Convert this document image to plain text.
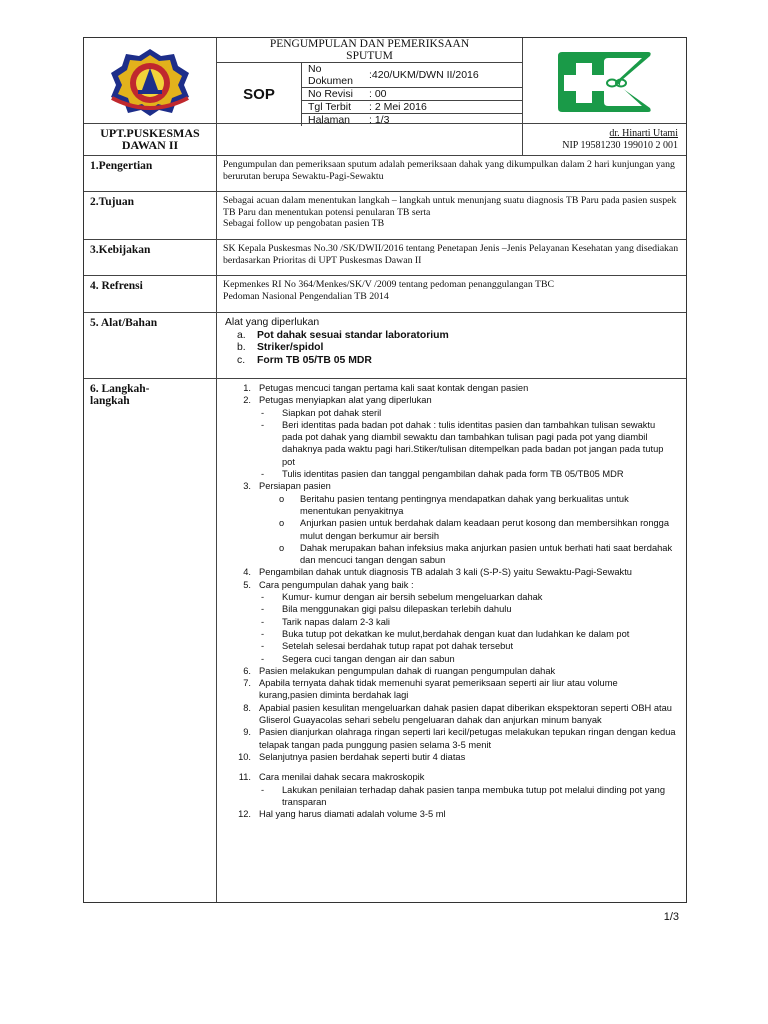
PENGUMPULAN DAN PEMERIKSAAN
SPUTUM
SOP
No Dokumen	:420/UKM/DWN II/2016
No Revisi	: 00
Tgl Terbit	: 2 Mei 2016
Halaman	: 1/3
UPT.PUSKESMAS
DAWAN II
dr. Hinarti Utami
NIP 19581230 199010 2 001
1.Pengertian	Pengumpulan dan pemeriksaan sputum adalah pemeriksaan dahak yang dikumpulkan dalam 2 hari kunjungan yang berurutan berupa Sewaktu-Pagi-Sewaktu
2.Tujuan	Sebagai acuan dalam menentukan langkah – langkah untuk menunjang suatu diagnosis TB Paru pada pasien suspek TB Paru dan menentukan potensi penularan TB serta
Sebagai follow up pengobatan pasien TB
3.Kebijakan	SK Kepala Puskesmas No.30 /SK/DWII/2016 tentang Penetapan Jenis –Jenis Pelayanan Kesehatan yang disediakan berdasarkan Prioritas di UPT Puskesmas Dawan II
4. Refrensi	Kepmenkes RI No 364/Menkes/SK/V /2009 tentang pedoman penanggulangan TBC
Pedoman Nasional Pengendalian TB 2014
5. Alat/Bahan	Alat yang diperlukan
a.	Pot dahak sesuai standar laboratorium
b.	Striker/spidol
c.	Form TB 05/TB 05 MDR
6. Langkah-
langkah
1. Petugas mencuci tangan pertama kali saat kontak dengan pasien
2. Petugas menyiapkan alat yang diperlukan
-	Siapkan pot dahak steril
-	Beri identitas pada badan pot dahak : tulis identitas pasien dan tambahkan tulisan sewaktu pada pot dahak yang diambil sewaktu dan tambahkan tulisan pagi pada pot yang diambil dahaknya pada waktu pagi hari.Stiker/tulisan ditempelkan pada badan pot jangan pada tutup pot
-	Tulis identitas pasien dan tanggal pengambilan dahak pada form TB 05/TB05 MDR
3. Persiapan pasien
o	Beritahu pasien tentang pentingnya mendapatkan dahak yang berkualitas untuk menentukan penyakitnya
o	Anjurkan pasien untuk berdahak dalam keadaan perut kosong dan membersihkan rongga mulut dengan berkumur air bersih
o	Dahak merupakan bahan infeksius maka anjurkan pasien untuk berhati hati saat berdahak dan mencuci tangan dengan sabun
4. Pengambilan dahak untuk diagnosis TB adalah 3 kali (S-P-S) yaitu Sewaktu-Pagi-Sewaktu
5. Cara pengumpulan dahak yang baik :
-	Kumur- kumur dengan air bersih sebelum mengeluarkan dahak
-	Bila menggunakan gigi palsu dilepaskan terlebih dahulu
-	Tarik napas dalam 2-3 kali
-	Buka tutup pot dekatkan ke mulut,berdahak dengan kuat dan ludahkan ke dalam pot
-	Setelah selesai berdahak tutup rapat pot dahak tersebut
-	Segera cuci tangan dengan air dan sabun
6. Pasien melakukan pengumpulan dahak di ruangan pengumpulan dahak
7. Apabila ternyata dahak tidak memenuhi syarat pemeriksaan seperti air liur atau volume kurang,pasien diminta berdahak lagi
8. Apabial pasien kesulitan mengeluarkan dahak pasien dapat diberikan ekspektoran seperti OBH atau Gliserol Guayacolas sehari sebelu pengeluaran dahak dan anjurkan minum banyak
9. Pasien dianjurkan olahraga ringan seperti lari kecil/petugas melakukan tepukan ringan dengan kedua telapak tangan pada punggung pasien selama 3-5 menit
10. Selanjutnya pasien berdahak seperti butir 4 diatas
11. Cara menilai dahak secara makroskopik
-	Lakukan penilaian terhadap dahak pasien tanpa membuka tutup pot melalui dinding pot yang transparan
12. Hal yang harus diamati adalah volume 3-5 ml
1/3
